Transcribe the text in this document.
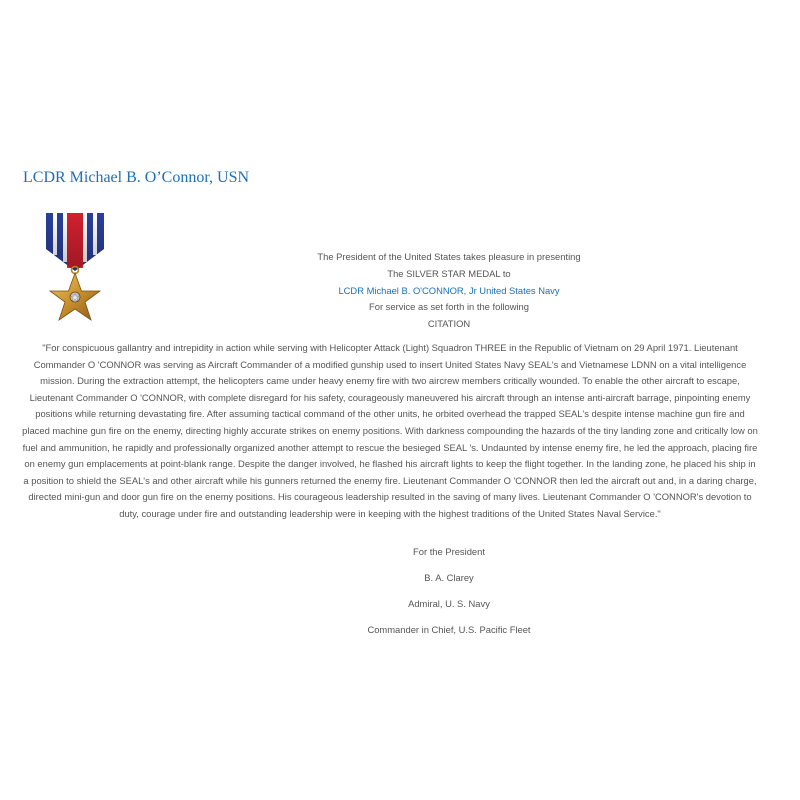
LCDR Michael B. O’Connor, USN
The President of the United States takes pleasure in presenting
The SILVER STAR MEDAL to
LCDR Michael B. O'CONNOR, Jr United States Navy
For service as set forth in the following
CITATION

"For conspicuous gallantry and intrepidity in action while serving with Helicopter Attack (Light) Squadron THREE in the Republic of Vietnam on 29 April 1971. Lieutenant Commander O 'CONNOR was serving as Aircraft Commander of a modified gunship used to insert United States Navy SEAL's and Vietnamese LDNN on a vital intelligence mission. During the extraction attempt, the helicopters came under heavy enemy fire with two aircrew members critically wounded. To enable the other aircraft to escape, Lieutenant Commander O 'CONNOR, with complete disregard for his safety, courageously maneuvered his aircraft through an intense anti-aircraft barrage, pinpointing enemy positions while returning devastating fire. After assuming tactical command of the other units, he orbited overhead the trapped SEAL's despite intense machine gun fire and placed machine gun fire on the enemy, directing highly accurate strikes on enemy positions. With darkness compounding the hazards of the tiny landing zone and critically low on fuel and ammunition, he rapidly and professionally organized another attempt to rescue the besieged SEAL 's. Undaunted by intense enemy fire, he led the approach, placing fire on enemy gun emplacements at point-blank range. Despite the danger involved, he flashed his aircraft lights to keep the flight together. In the landing zone, he placed his ship in a position to shield the SEAL's and other aircraft while his gunners returned the enemy fire. Lieutenant Commander O 'CONNOR then led the aircraft out and, in a daring charge, directed mini-gun and door gun fire on the enemy positions. His courageous leadership resulted in the saving of many lives. Lieutenant Commander O 'CONNOR's devotion to duty, courage under fire and outstanding leadership were in keeping with the highest traditions of the United States Naval Service."

For the President
B. A. Clarey
Admiral, U. S. Navy
Commander in Chief, U.S. Pacific Fleet
